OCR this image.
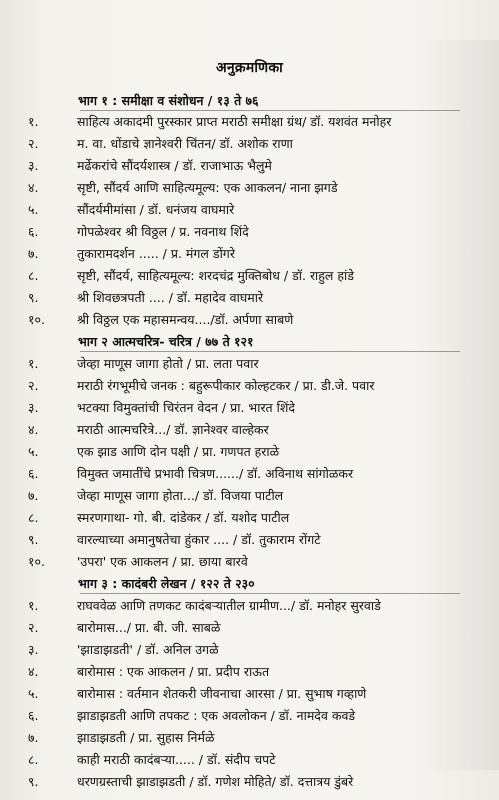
अनुक्रमणिका
भाग १ : समीक्षा व संशोधन / १३ ते ७६
१.	साहित्य अकादमी पुरस्कार प्राप्त मराठी समीक्षा ग्रंथ/ डॉ. यशवंत मनोहर
२.	म. वा. धोंडाचे ज्ञानेश्वरी चिंतन/ डॉ. अशोक राणा
३.	मर्ढेकरांचे सौंदर्यशास्त्र / डॉ. राजाभाऊ भैलुमे
४.	सृष्टी, सौंदर्य आणि साहित्यमूल्य: एक आकलन/ नाना झगडे
५.	सौंदर्यमीमांसा / डॉ. धनंजय वाघमारे
६.	गोपळेश्वर श्री विठ्ठल / प्र. नवनाथ शिंदे
७.	तुकारामदर्शन ..... / प्र. मंगल डोंगरे
८.	सृष्टी, सौंदर्य, साहित्यमूल्य: शरदचंद्र मुक्तिबोध / डॉ. राहुल हांडे
९.	श्री शिवछत्रपती .... / डॉ. महादेव वाघमारे
१०.	श्री विठ्ठल एक महासमन्वय..../डॉ. अर्पणा साबणे
भाग २ आत्मचरित्र- चरित्र / ७७ ते १२१
१.	जेव्हा माणूस जागा होतो / प्रा. लता पवार
२.	मराठी रंगभूमीचे जनक : बहुरूपीकार कोल्हटकर / प्रा. डी.जे. पवार
३.	भटक्या विमुक्तांची चिरंतन वेदन / प्रा. भारत शिंदे
४.	मराठी आत्मचरित्रे.../ डॉ. ज्ञानेश्वर वाल्हेकर
५.	एक झाड आणि दोन पक्षी / प्रा. गणपत हराळे
६.	विमुक्त जमातींचे प्रभावी चित्रण....../ डॉ. अविनाथ सांगोळकर
७.	जेव्हा माणूस जागा होता.../ डॉ. विजया पाटील
८.	स्मरणगाथा- गो. बी. दांडेकर / डॉ. यशोद पाटील
९.	वारल्याच्या अमानुषतेचा हुंकार .... / डॉ. तुकाराम रोंगटे
१०.	'उपरा' एक आकलन / प्रा. छाया बारवे
भाग ३ : कादंबरी लेखन / १२२ ते २३०
१.	राघववेळ आणि तणकट कादंबऱ्यातील ग्रामीण.../ डॉ. मनोहर सुरवाडे
२.	बारोमास.../ प्रा. बी. जी. साबळे
३.	'झाडाझडती' / डॉ. अनिल उगळे
४.	बारोमास : एक आकलन / प्रा. प्रदीप राऊत
५.	बारोमास : वर्तमान शेतकरी जीवनाचा आरसा / प्रा. सुभाष गव्हाणे
६.	झाडाझडती आणि तपकट : एक अवलोकन / डॉ. नामदेव कवडे
७.	झाडाझडती / प्रा. सुहास निर्मळे
८.	काही मराठी कादंबऱ्या..... / डॉ. संदीप चपटे
९.	धरणग्रस्ताची झाडाझडती / डॉ. गणेश मोहिते/ डॉ. दत्तात्रय डुंबरे
